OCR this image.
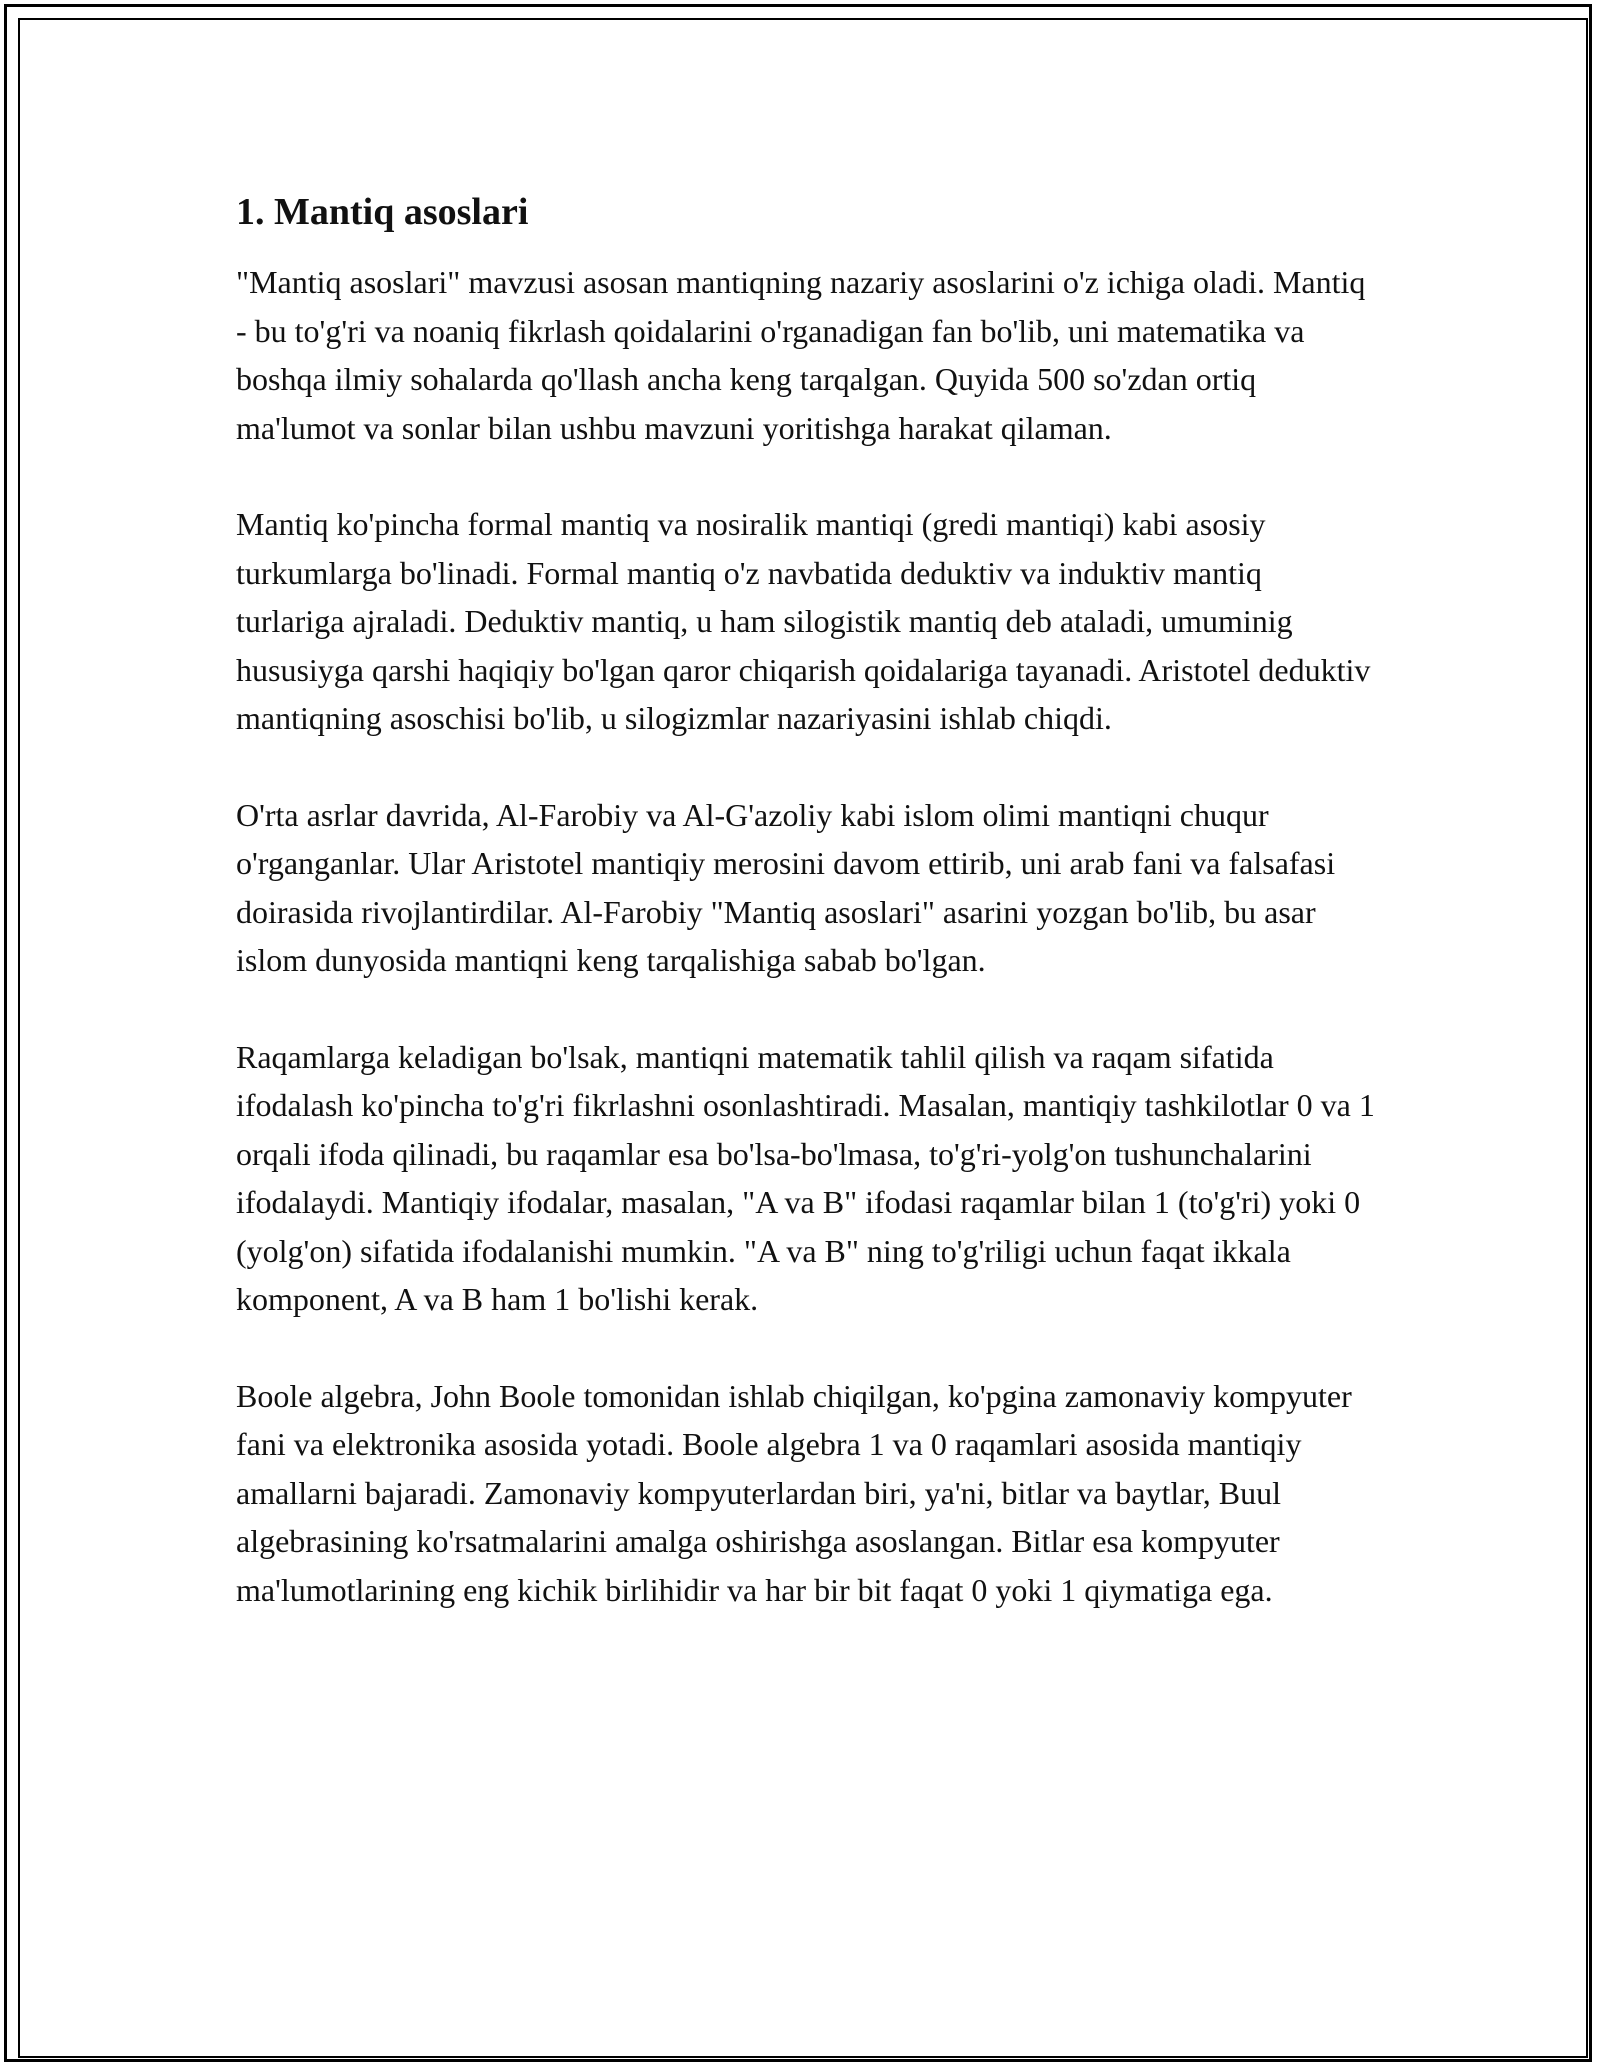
1. Mantiq asoslari

"Mantiq asoslari" mavzusi asosan mantiqning nazariy asoslarini o'z ichiga oladi. Mantiq - bu to'g'ri va noaniq fikrlash qoidalarini o'rganadigan fan bo'lib, uni matematika va boshqa ilmiy sohalarda qo'llash ancha keng tarqalgan. Quyida 500 so'zdan ortiq ma'lumot va sonlar bilan ushbu mavzuni yoritishga harakat qilaman.

Mantiq ko'pincha formal mantiq va nosiralik mantiqi (gredi mantiqi) kabi asosiy turkumlarga bo'linadi. Formal mantiq o'z navbatida deduktiv va induktiv mantiq turlariga ajraladi. Deduktiv mantiq, u ham silogistik mantiq deb ataladi, umuminig hususiyga qarshi haqiqiy bo'lgan qaror chiqarish qoidalariga tayanadi. Aristotel deduktiv mantiqning asoschisi bo'lib, u silogizmlar nazariyasini ishlab chiqdi.

O'rta asrlar davrida, Al-Farobiy va Al-G'azoliy kabi islom olimi mantiqni chuqur o'rganganlar. Ular Aristotel mantiqiy merosini davom ettirib, uni arab fani va falsafasi doirasida rivojlantirdilar. Al-Farobiy "Mantiq asoslari" asarini yozgan bo'lib, bu asar islom dunyosida mantiqni keng tarqalishiga sabab bo'lgan.

Raqamlarga keladigan bo'lsak, mantiqni matematik tahlil qilish va raqam sifatida ifodalash ko'pincha to'g'ri fikrlashni osonlashtiradi. Masalan, mantiqiy tashkilotlar 0 va 1 orqali ifoda qilinadi, bu raqamlar esa bo'lsa-bo'lmasa, to'g'ri-yolg'on tushunchalarini ifodalaydi. Mantiqiy ifodalar, masalan, "A va B" ifodasi raqamlar bilan 1 (to'g'ri) yoki 0 (yolg'on) sifatida ifodalanishi mumkin. "A va B" ning to'g'riligi uchun faqat ikkala komponent, A va B ham 1 bo'lishi kerak.

Boole algebra, John Boole tomonidan ishlab chiqilgan, ko'pgina zamonaviy kompyuter fani va elektronika asosida yotadi. Boole algebra 1 va 0 raqamlari asosida mantiqiy amallarni bajaradi. Zamonaviy kompyuterlardan biri, ya'ni, bitlar va baytlar, Buul algebrasining ko'rsatmalarini amalga oshirishga asoslangan. Bitlar esa kompyuter ma'lumotlarining eng kichik birlihidir va har bir bit faqat 0 yoki 1 qiymatiga ega.
